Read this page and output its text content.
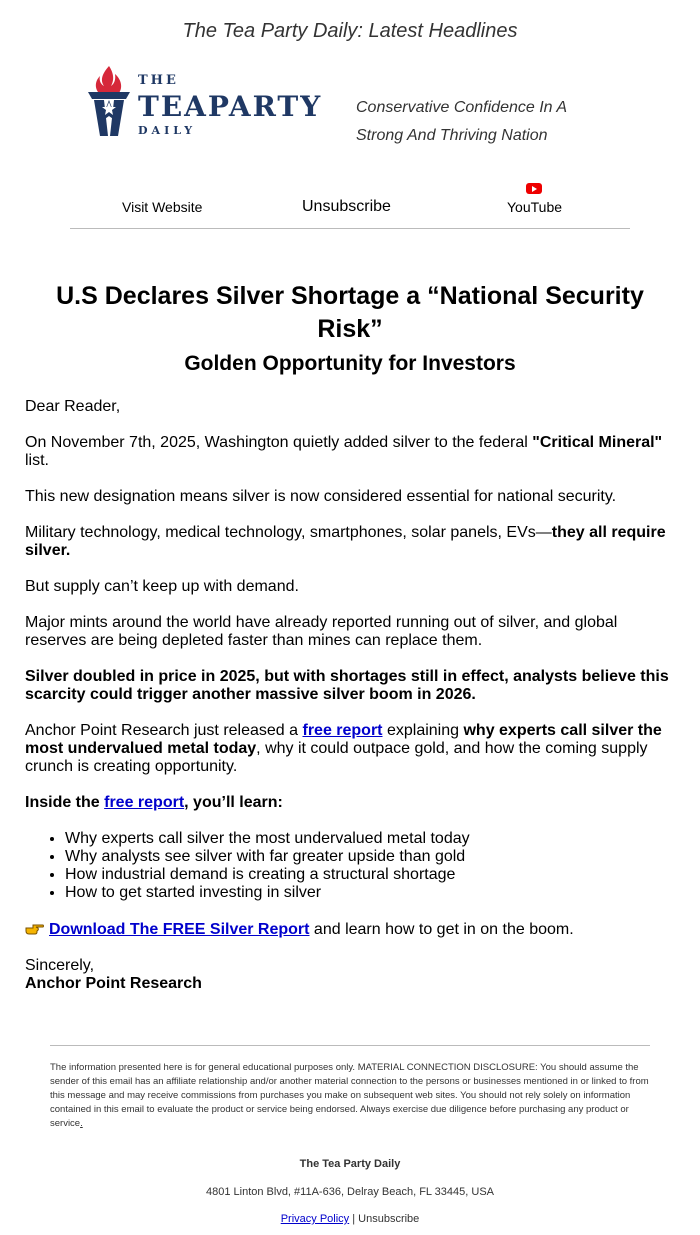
The Tea Party Daily: Latest Headlines
THE
TEAPARTY
DAILY
Conservative Confidence In A
Strong And Thriving Nation
Visit Website	Unsubscribe	YouTube
U.S Declares Silver Shortage a “National Security Risk”
Golden Opportunity for Investors

Dear Reader,

On November 7th, 2025, Washington quietly added silver to the federal "Critical Mineral" list.

This new designation means silver is now considered essential for national security.

Military technology, medical technology, smartphones, solar panels, EVs—they all require silver.

But supply can’t keep up with demand.

Major mints around the world have already reported running out of silver, and global reserves are being depleted faster than mines can replace them.

Silver doubled in price in 2025, but with shortages still in effect, analysts believe this scarcity could trigger another massive silver boom in 2026.

Anchor Point Research just released a free report explaining why experts call silver the most undervalued metal today, why it could outpace gold, and how the coming supply crunch is creating opportunity.

Inside the free report, you’ll learn:

• Why experts call silver the most undervalued metal today
• Why analysts see silver with far greater upside than gold
• How industrial demand is creating a structural shortage
• How to get started investing in silver

Download The FREE Silver Report and learn how to get in on the boom.

Sincerely,
Anchor Point Research
The information presented here is for general educational purposes only. MATERIAL CONNECTION DISCLOSURE: You should assume the sender of this email has an affiliate relationship and/or another material connection to the persons or businesses mentioned in or linked to from this message and may receive commissions from purchases you make on subsequent web sites. You should not rely solely on information contained in this email to evaluate the product or service being endorsed. Always exercise due diligence before purchasing any product or service.
The Tea Party Daily
4801 Linton Blvd, #11A-636, Delray Beach, FL 33445, USA
Privacy Policy | Unsubscribe
